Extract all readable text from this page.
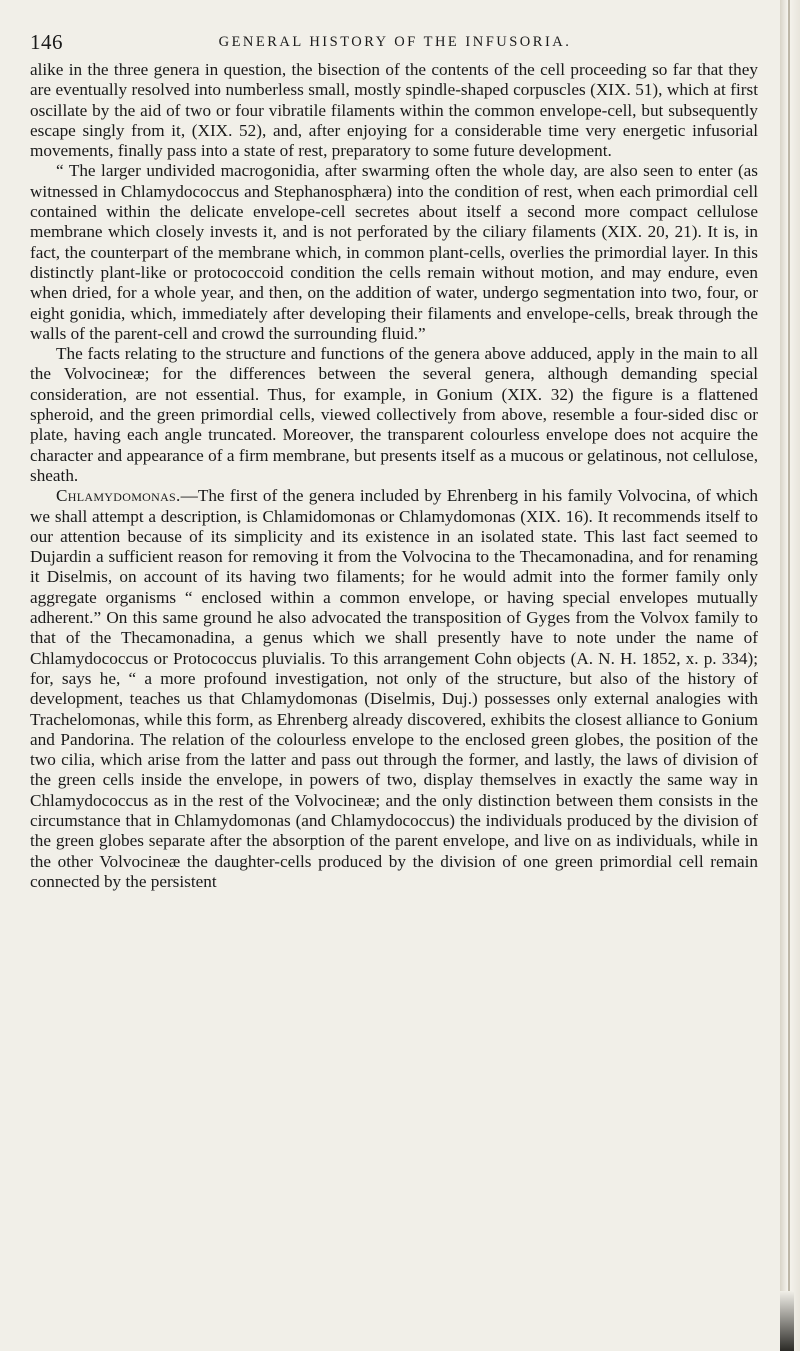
146	GENERAL HISTORY OF THE INFUSORIA.

alike in the three genera in question, the bisection of the contents of the cell proceeding so far that they are eventually resolved into numberless small, mostly spindle-shaped corpuscles (XIX. 51), which at first oscillate by the aid of two or four vibratile filaments within the common envelope-cell, but subsequently escape singly from it, (XIX. 52), and, after enjoying for a considerable time very energetic infusorial movements, finally pass into a state of rest, preparatory to some future development.

“ The larger undivided macrogonidia, after swarming often the whole day, are also seen to enter (as witnessed in Chlamydococcus and Stephanosphæra) into the condition of rest, when each primordial cell contained within the delicate envelope-cell secretes about itself a second more compact cellulose membrane which closely invests it, and is not perforated by the ciliary filaments (XIX. 20, 21). It is, in fact, the counterpart of the membrane which, in common plant-cells, overlies the primordial layer. In this distinctly plant-like or protococcoid condition the cells remain without motion, and may endure, even when dried, for a whole year, and then, on the addition of water, undergo segmentation into two, four, or eight gonidia, which, immediately after developing their filaments and envelope-cells, break through the walls of the parent-cell and crowd the surrounding fluid.”

The facts relating to the structure and functions of the genera above adduced, apply in the main to all the Volvocineæ; for the differences between the several genera, although demanding special consideration, are not essential. Thus, for example, in Gonium (XIX. 32) the figure is a flattened spheroid, and the green primordial cells, viewed collectively from above, resemble a four-sided disc or plate, having each angle truncated. Moreover, the transparent colourless envelope does not acquire the character and appearance of a firm membrane, but presents itself as a mucous or gelatinous, not cellulose, sheath.

Chlamydomonas.—The first of the genera included by Ehrenberg in his family Volvocina, of which we shall attempt a description, is Chlamidomonas or Chlamydomonas (XIX. 16). It recommends itself to our attention because of its simplicity and its existence in an isolated state. This last fact seemed to Dujardin a sufficient reason for removing it from the Volvocina to the Thecamonadina, and for renaming it Diselmis, on account of its having two filaments; for he would admit into the former family only aggregate organisms “ enclosed within a common envelope, or having special envelopes mutually adherent.” On this same ground he also advocated the transposition of Gyges from the Volvox family to that of the Thecamonadina, a genus which we shall presently have to note under the name of Chlamydococcus or Protococcus pluvialis. To this arrangement Cohn objects (A. N. H. 1852, x. p. 334); for, says he, “ a more profound investigation, not only of the structure, but also of the history of development, teaches us that Chlamydomonas (Diselmis, Duj.) possesses only external analogies with Trachelomonas, while this form, as Ehrenberg already discovered, exhibits the closest alliance to Gonium and Pandorina. The relation of the colourless envelope to the enclosed green globes, the position of the two cilia, which arise from the latter and pass out through the former, and lastly, the laws of division of the green cells inside the envelope, in powers of two, display themselves in exactly the same way in Chlamydococcus as in the rest of the Volvocineæ; and the only distinction between them consists in the circumstance that in Chlamydomonas (and Chlamydococcus) the individuals produced by the division of the green globes separate after the absorption of the parent envelope, and live on as individuals, while in the other Volvocineæ the daughter-cells produced by the division of one green primordial cell remain connected by the persistent
